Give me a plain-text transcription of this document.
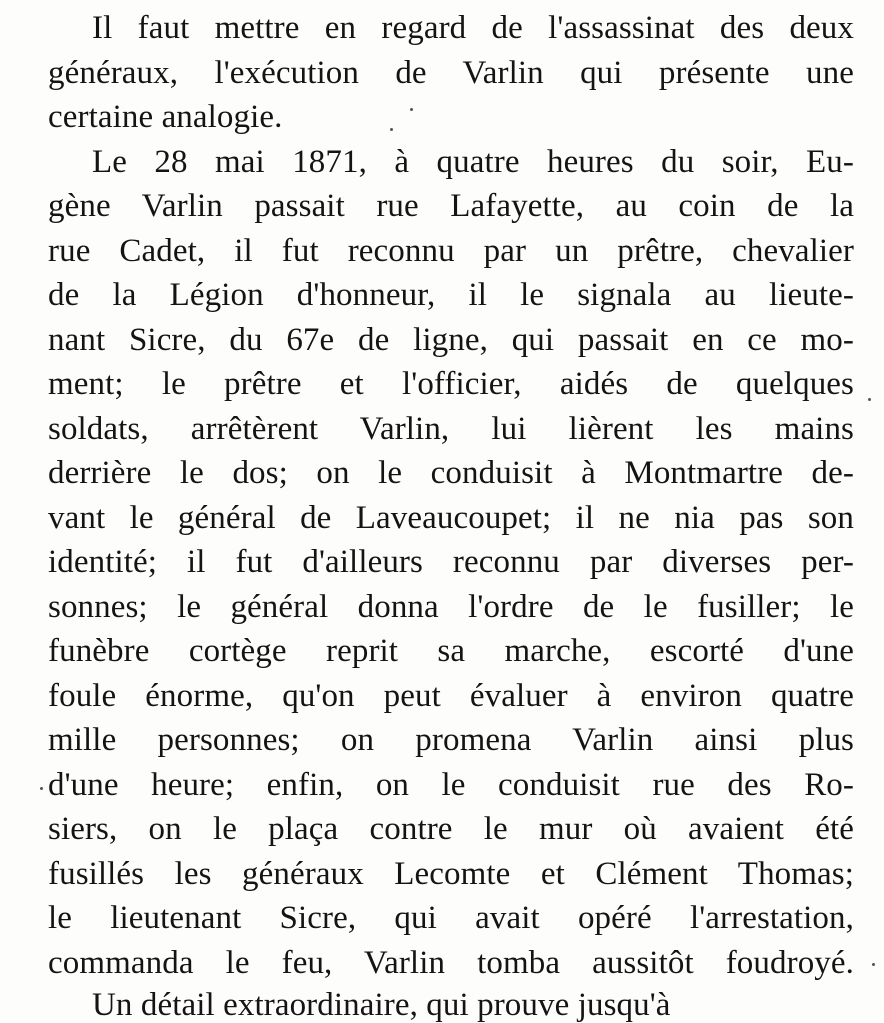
Il faut mettre en regard de l'assassinat des deux
généraux, l'exécution de Varlin qui présente une
certaine analogie.
Le 28 mai 1871, à quatre heures du soir, Eu-
gène Varlin passait rue Lafayette, au coin de la
rue Cadet, il fut reconnu par un prêtre, chevalier
de la Légion d'honneur, il le signala au lieute-
nant Sicre, du 67e de ligne, qui passait en ce mo-
ment; le prêtre et l'officier, aidés de quelques
soldats, arrêtèrent Varlin, lui lièrent les mains
derrière le dos; on le conduisit à Montmartre de-
vant le général de Laveaucoupet; il ne nia pas son
identité; il fut d'ailleurs reconnu par diverses per-
sonnes; le général donna l'ordre de le fusiller; le
funèbre cortège reprit sa marche, escorté d'une
foule énorme, qu'on peut évaluer à environ quatre
mille personnes; on promena Varlin ainsi plus
d'une heure; enfin, on le conduisit rue des Ro-
siers, on le plaça contre le mur où avaient été
fusillés les généraux Lecomte et Clément Thomas;
le lieutenant Sicre, qui avait opéré l'arrestation,
commanda le feu, Varlin tomba aussitôt foudroyé.
Un détail extraordinaire, qui prouve jusqu'à
